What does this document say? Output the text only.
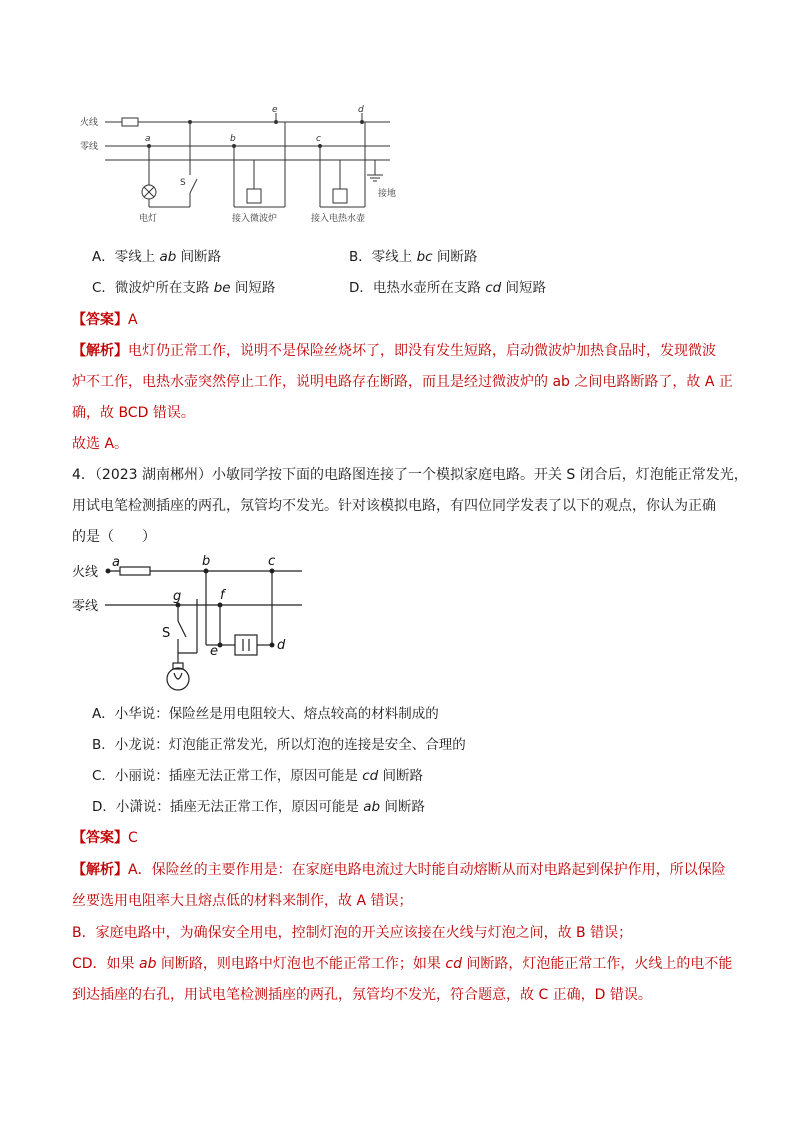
火线
零线
a	b	c
e	d
S
接地
电灯	接入微波炉	接入电热水壶
A．零线上 ab 间断路	B．零线上 bc 间断路
C．微波炉所在支路 be 间短路	D．电热水壶所在支路 cd 间短路
【答案】A
【解析】电灯仍正常工作，说明不是保险丝烧坏了，即没有发生短路，启动微波炉加热食品时，发现微波
炉不工作，电热水壶突然停止工作，说明电路存在断路，而且是经过微波炉的 ab 之间电路断路了，故 A 正
确，故 BCD 错误。
故选 A。
4．（2023 湖南郴州）小敏同学按下面的电路图连接了一个模拟家庭电路。开关 S 闭合后，灯泡能正常发光，
用试电笔检测插座的两孔，氖管均不发光。针对该模拟电路，有四位同学发表了以下的观点，你认为正确
的是（　　）
火线
零线
a	b	c
g	f
e	d
S
A．小华说：保险丝是用电阻较大、熔点较高的材料制成的
B．小龙说：灯泡能正常发光，所以灯泡的连接是安全、合理的
C．小丽说：插座无法正常工作，原因可能是 cd 间断路
D．小潇说：插座无法正常工作，原因可能是 ab 间断路
【答案】C
【解析】A．保险丝的主要作用是：在家庭电路电流过大时能自动熔断从而对电路起到保护作用，所以保险
丝要选用电阻率大且熔点低的材料来制作，故 A 错误；
B．家庭电路中，为确保安全用电，控制灯泡的开关应该接在火线与灯泡之间，故 B 错误；
CD．如果 ab 间断路，则电路中灯泡也不能正常工作；如果 cd 间断路，灯泡能正常工作，火线上的电不能
到达插座的右孔，用试电笔检测插座的两孔，氖管均不发光，符合题意，故 C 正确，D 错误。
